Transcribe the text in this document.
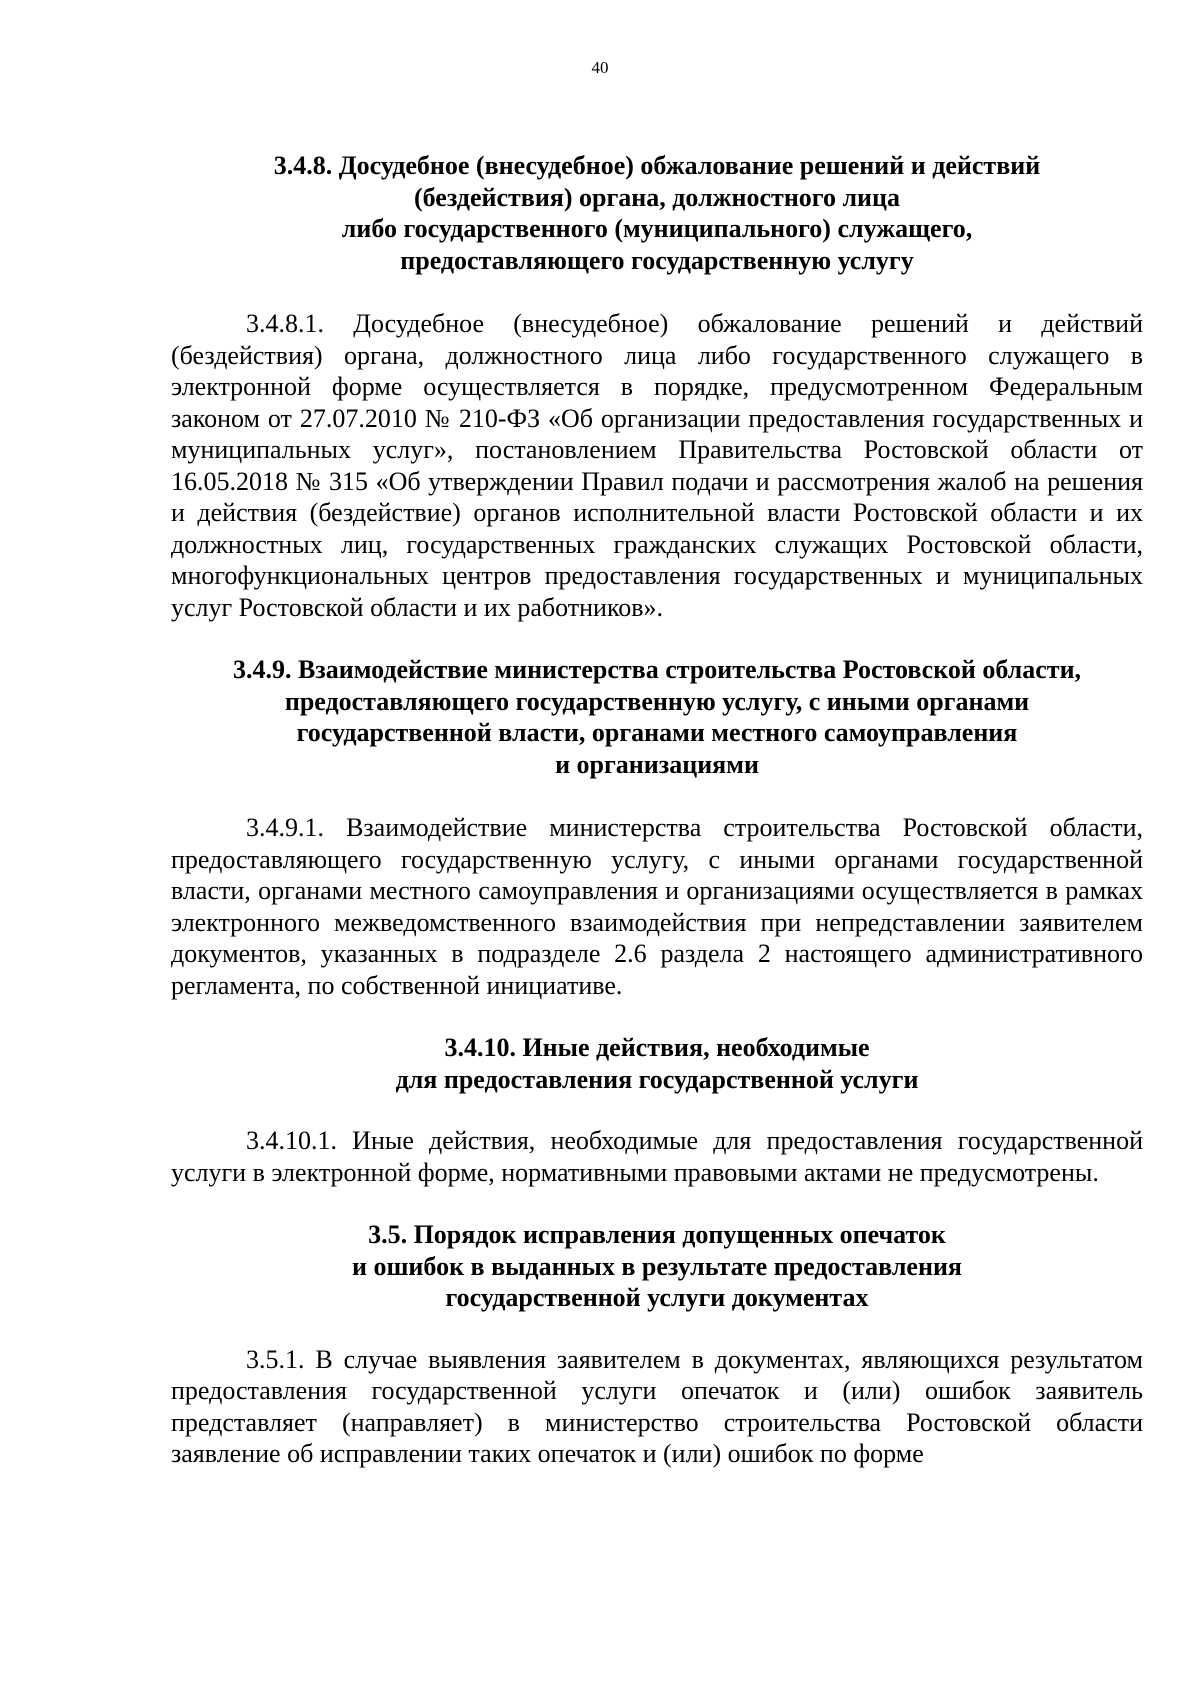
40
3.4.8. Досудебное (внесудебное) обжалование решений и действий
(бездействия) органа, должностного лица
либо государственного (муниципального) служащего,
предоставляющего государственную услугу

3.4.8.1. Досудебное (внесудебное) обжалование решений и действий (бездействия) органа, должностного лица либо государственного служащего в электронной форме осуществляется в порядке, предусмотренном Федеральным законом от 27.07.2010 № 210-ФЗ «Об организации предоставления государственных и муниципальных услуг», постановлением Правительства Ростовской области от 16.05.2018 № 315 «Об утверждении Правил подачи и рассмотрения жалоб на решения и действия (бездействие) органов исполнительной власти Ростовской области и их должностных лиц, государственных гражданских служащих Ростовской области, многофункциональных центров предоставления государственных и муниципальных услуг Ростовской области и их работников».

3.4.9. Взаимодействие министерства строительства Ростовской области,
предоставляющего государственную услугу, с иными органами
государственной власти, органами местного самоуправления
и организациями

3.4.9.1. Взаимодействие министерства строительства Ростовской области, предоставляющего государственную услугу, с иными органами государственной власти, органами местного самоуправления и организациями осуществляется в рамках электронного межведомственного взаимодействия при непредставлении заявителем документов, указанных в подразделе 2.6 раздела 2 настоящего административного регламента, по собственной инициативе.

3.4.10. Иные действия, необходимые
для предоставления государственной услуги

3.4.10.1. Иные действия, необходимые для предоставления государственной услуги в электронной форме, нормативными правовыми актами не предусмотрены.

3.5. Порядок исправления допущенных опечаток
и ошибок в выданных в результате предоставления
государственной услуги документах

3.5.1. В случае выявления заявителем в документах, являющихся результатом предоставления государственной услуги опечаток и (или) ошибок заявитель представляет (направляет) в министерство строительства Ростовской области заявление об исправлении таких опечаток и (или) ошибок по форме
